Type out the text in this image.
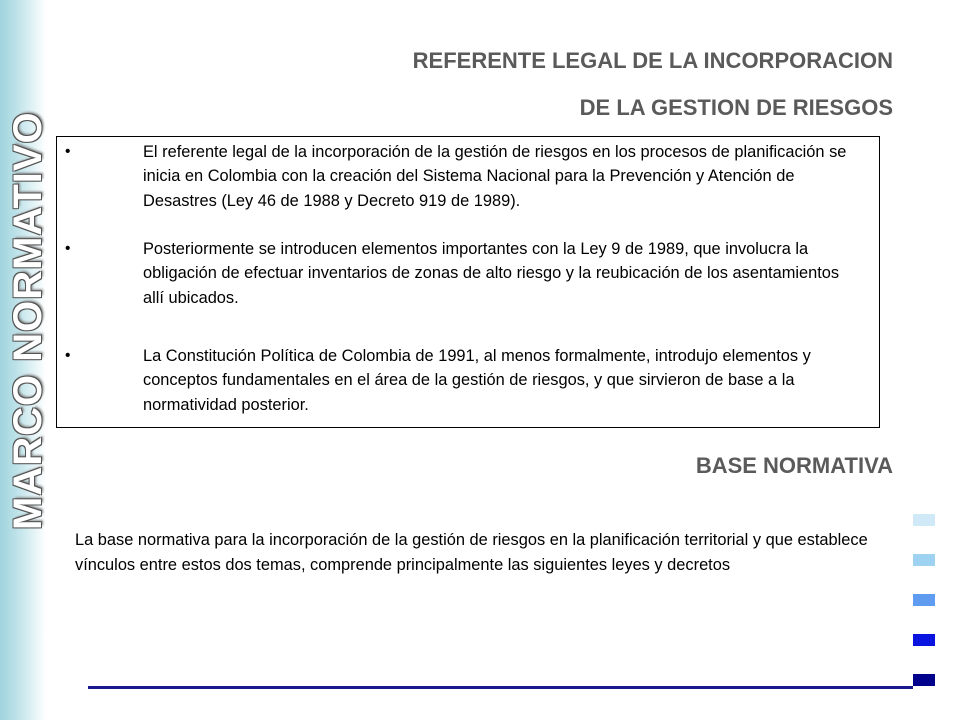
MARCO NORMATIVO
REFERENTE LEGAL DE LA INCORPORACION
DE LA GESTION DE RIESGOS
•	El referente legal de la incorporación de la gestión de riesgos en los procesos de planificación se inicia en Colombia con la creación del Sistema Nacional para la Prevención y Atención de Desastres (Ley 46 de 1988 y Decreto 919 de 1989).
•	Posteriormente se introducen elementos importantes con la Ley 9 de 1989, que involucra la obligación de efectuar inventarios de zonas de alto riesgo y la reubicación de los asentamientos allí ubicados.
•	La Constitución Política de Colombia de 1991, al menos formalmente, introdujo elementos y conceptos fundamentales en el área de la gestión de riesgos, y que sirvieron de base a la normatividad posterior.
BASE NORMATIVA

La base normativa para la incorporación de la gestión de riesgos en la planificación territorial y que establece vínculos entre estos dos temas, comprende principalmente las siguientes leyes y decretos
